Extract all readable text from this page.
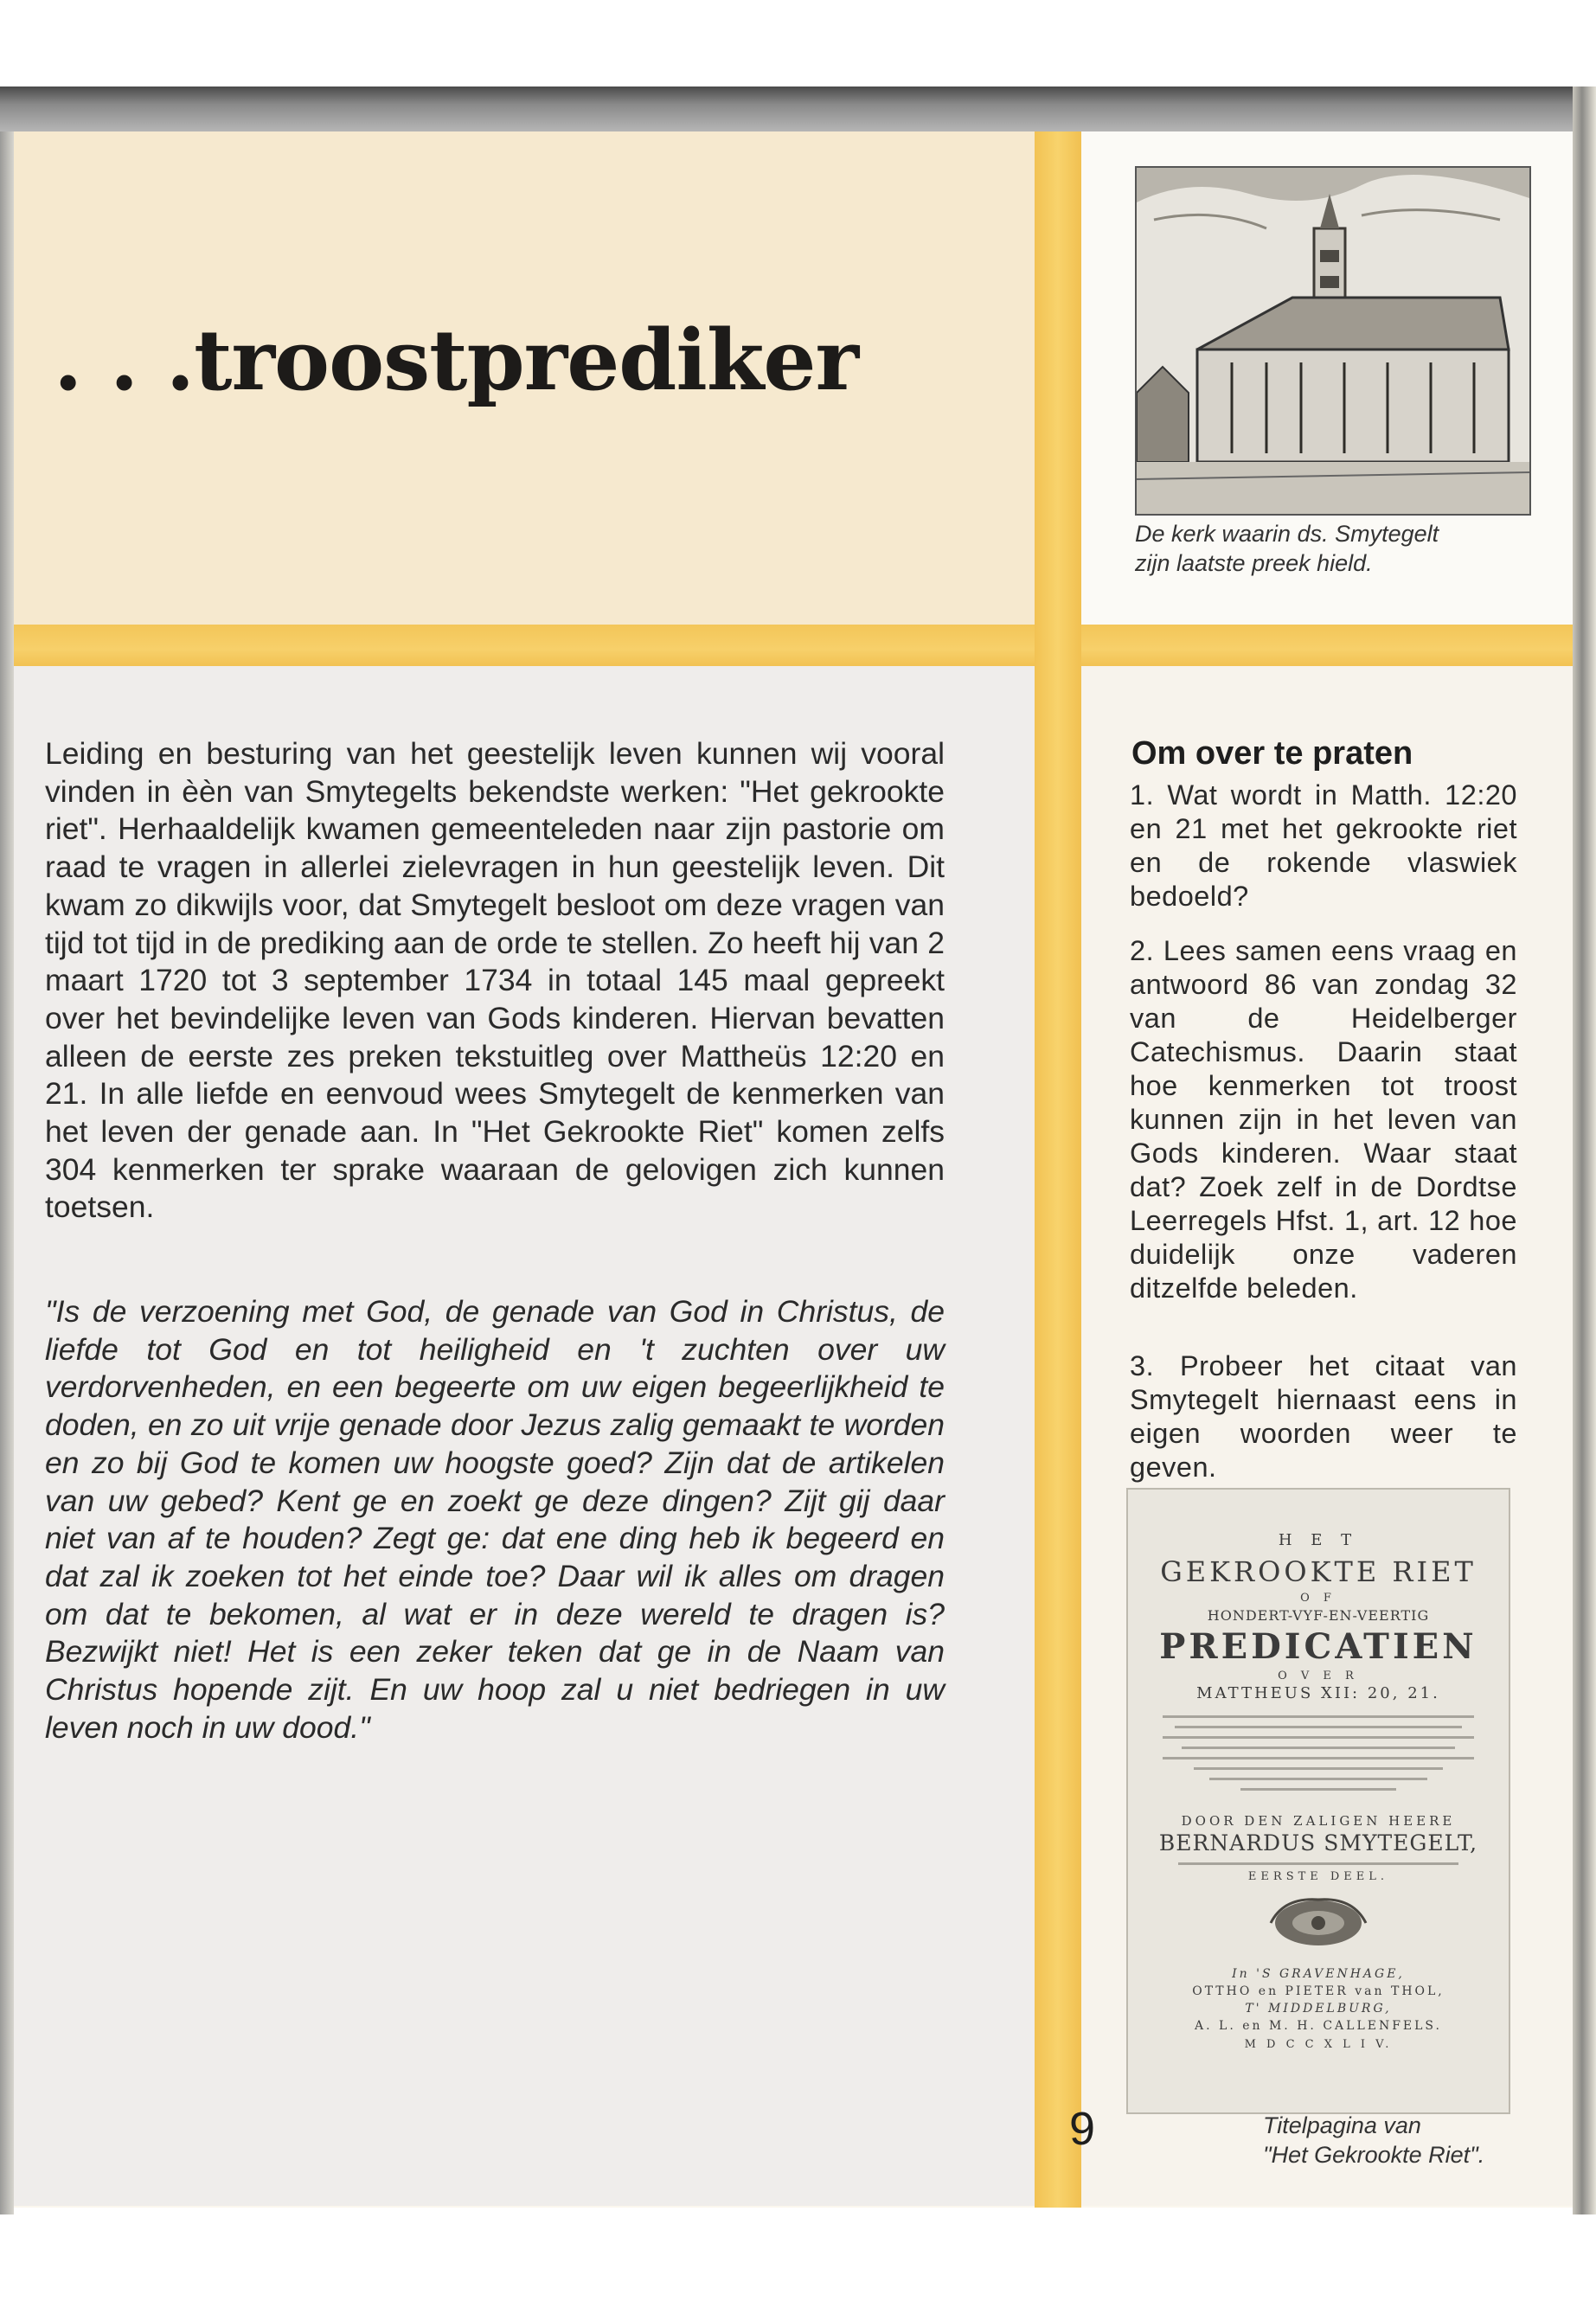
. . .troostprediker

De kerk waarin ds. Smytegelt

zijn laatste preek hield.

Leiding en besturing van het geestelijk leven kunnen wij vooral vinden in èèn van Smytegelts bekendste werken: "Het gekrookte riet". Herhaaldelijk kwamen gemeenteleden naar zijn pastorie om raad te vragen in allerlei zielevragen in hun geestelijk leven. Dit kwam zo dikwijls voor, dat Smytegelt besloot om deze vragen van tijd tot tijd in de prediking aan de orde te stellen. Zo heeft hij van 2 maart 1720 tot 3 september 1734 in totaal 145 maal gepreekt over het bevindelijke leven van Gods kinderen. Hiervan bevatten alleen de eerste zes preken tekstuitleg over Mattheüs 12:20 en 21. In alle liefde en eenvoud wees Smytegelt de kenmerken van het leven der genade aan. In "Het Gekrookte Riet" komen zelfs 304 kenmerken ter sprake waaraan de gelovigen zich kunnen toetsen.

"Is de verzoening met God, de genade van God in Christus, de liefde tot God en tot heiligheid en 't zuchten over uw verdorvenheden, en een begeerte om uw eigen begeerlijkheid te doden, en zo uit vrije genade door Jezus zalig gemaakt te worden en zo bij God te komen uw hoogste goed? Zijn dat de artikelen van uw gebed? Kent ge en zoekt ge deze dingen? Zijt gij daar niet van af te houden? Zegt ge: dat ene ding heb ik begeerd en dat zal ik zoeken tot het einde toe? Daar wil ik alles om dragen om dat te bekomen, al wat er in deze wereld te dragen is? Bezwijkt niet! Het is een zeker teken dat ge in de Naam van Christus hopende zijt. En uw hoop zal u niet bedriegen in uw leven noch in uw dood."

Om over te praten

1. Wat wordt in Matth. 12:20 en 21 met het gekrookte riet en de rokende vlaswiek bedoeld?

2. Lees samen eens vraag en antwoord 86 van zondag 32 van de Heidelberger Catechismus. Daarin staat hoe kenmerken tot troost kunnen zijn in het leven van Gods kinderen. Waar staat dat? Zoek zelf in de Dordtse Leerregels Hfst. 1, art. 12 hoe duidelijk onze vaderen ditzelfde beleden.

3. Probeer het citaat van Smytegelt hiernaast eens in eigen woorden weer te geven.

H E T

GEKROOKTE RIET

O F

HONDERT-VYF-EN-VEERTIG

PREDICATIEN

O V E R

MATTHEUS XII: 20, 21.

DOOR DEN ZALIGEN HEERE

BERNARDUS SMYTEGELT,

EERSTE DEEL.

In 'S GRAVENHAGE,

OTTHO en PIETER van THOL,

T' MIDDELBURG,

A. L. en M. H. CALLENFELS.

M D C C X L I V.

9	Titelpagina van

"Het Gekrookte Riet".
